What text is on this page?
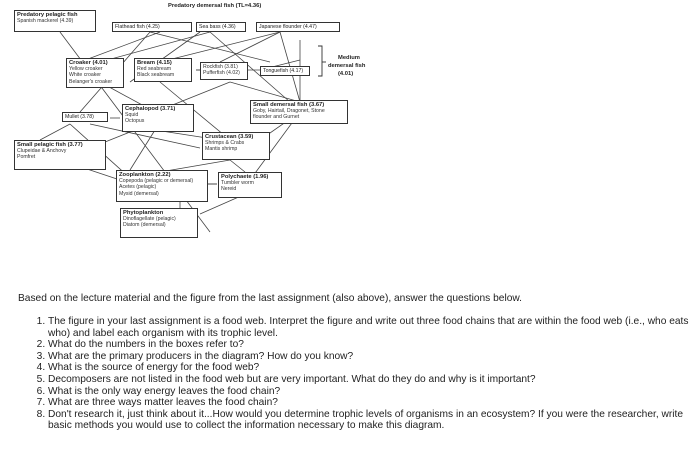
Predatory pelagic fish
Spanish mackerel (4.39)
Predatory demersal fish (TL=4.36)
Flathead fish (4.25)	Sea bass (4.36)	Japanese flounder (4.47)
Croaker (4.01)
Yellow croaker
White croaker
Belanger's croaker
Bream (4.15)
Red seabream
Black seabream
Rockfish (3.81)
Pufferfish (4.02)	Tonguefish (4.17)
Medium
demersal fish
(4.01)
Mullet (3.78)
Cephalopod (3.71)
Squid
Octopus
Small demersal fish (3.67)
Goby, Hairtail, Dragonet, Stone
flounder and Gurnet
Small pelagic fish (3.77)
Clupeidae & Anchovy
Pomfret
Crustacean (3.59)
Shrimps & Crabs
Mantis shrimp
Zooplankton (2.22)
Copepoda (pelagic or demersal)
Acetes (pelagic)
Mysid (demersal)
Polychaete (1.96)
Tumbler worm
Nereid
Phytoplankton
Dinoflagellate (pelagic)
Diatom (demersal)
Based on the lecture material and the figure from the last assignment (also above), answer the questions below.
1. The figure in your last assignment is a food web. Interpret the figure and write out three food chains that are within the food web (i.e., who eats who) and label each organism with its trophic level.
2. What do the numbers in the boxes refer to?
3. What are the primary producers in the diagram? How do you know?
4. What is the source of energy for the food web?
5. Decomposers are not listed in the food web but are very important. What do they do and why is it important?
6. What is the only way energy leaves the food chain?
7. What are three ways matter leaves the food chain?
8. Don't research it, just think about it...How would you determine trophic levels of organisms in an ecosystem? If you were the researcher, write basic methods you would use to collect the information necessary to make this diagram.
